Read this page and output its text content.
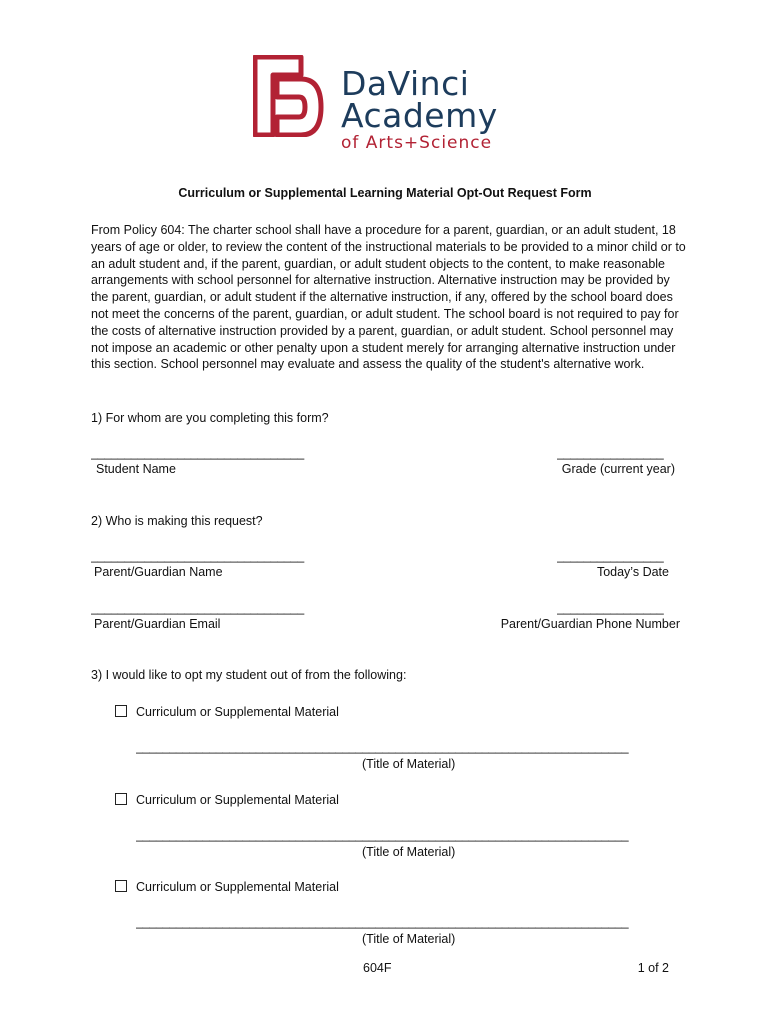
DaVinci
Academy
of Arts+Science
Curriculum or Supplemental Learning Material Opt-Out Request Form
From Policy 604: The charter school shall have a procedure for a parent, guardian, or an adult student, 18 years of age or older, to review the content of the instructional materials to be provided to a minor child or to an adult student and, if the parent, guardian, or adult student objects to the content, to make reasonable arrangements with school personnel for alternative instruction. Alternative instruction may be provided by the parent, guardian, or adult student if the alternative instruction, if any, offered by the school board does not meet the concerns of the parent, guardian, or adult student. The school board is not required to pay for the costs of alternative instruction provided by a parent, guardian, or adult student. School personnel may not impose an academic or other penalty upon a student merely for arranging alternative instruction under this section. School personnel may evaluate and assess the quality of the student's alternative work.
1) For whom are you completing this form?
________________________________	________________
Student Name	Grade (current year)
2) Who is making this request?
________________________________	________________
Parent/Guardian Name	Today’s Date
________________________________	________________
Parent/Guardian Email	Parent/Guardian Phone Number
3) I would like to opt my student out of from the following:
Curriculum or Supplemental Material
__________________________________________________________________________
(Title of Material)
Curriculum or Supplemental Material
__________________________________________________________________________
(Title of Material)
Curriculum or Supplemental Material
__________________________________________________________________________
(Title of Material)
604F	1 of 2
